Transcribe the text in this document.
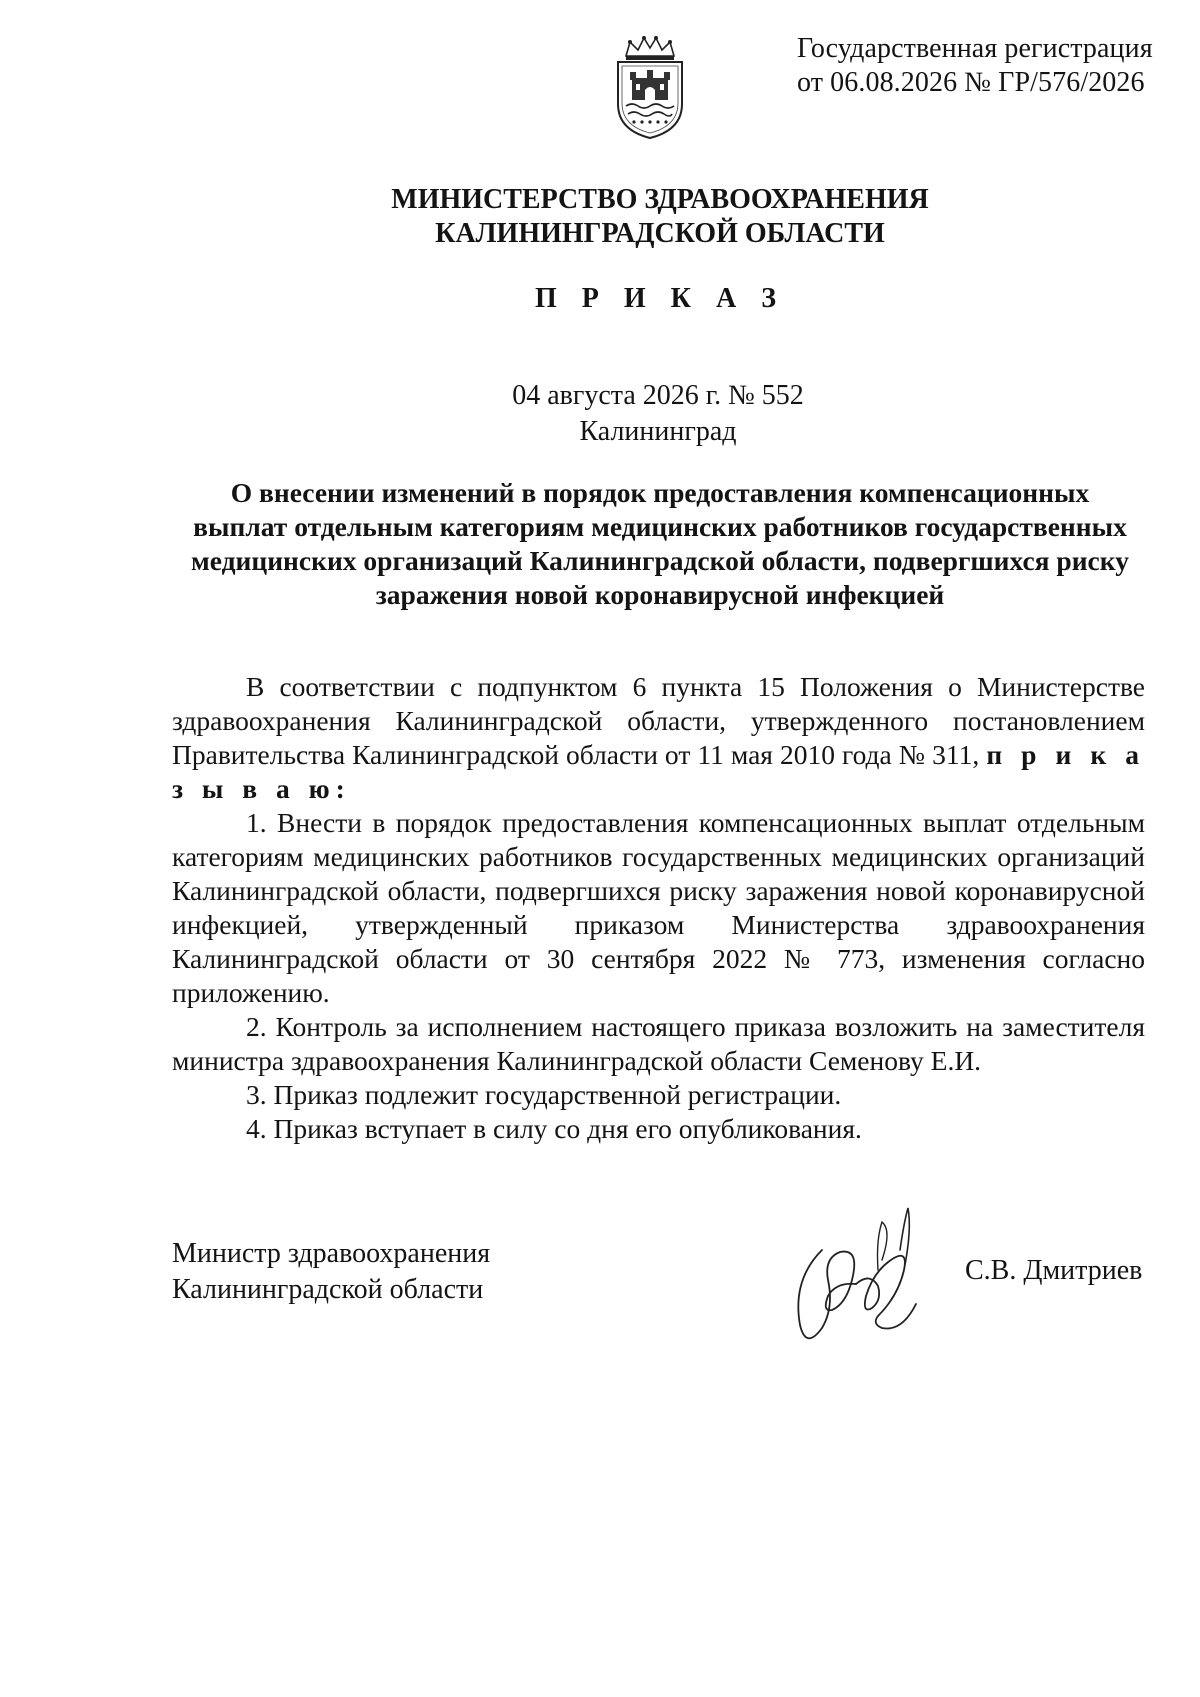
Государственная регистрация
от 06.08.2026 № ГР/576/2026
МИНИСТЕРСТВО ЗДРАВООХРАНЕНИЯ
КАЛИНИНГРАДСКОЙ ОБЛАСТИ
П Р И К А З
04 августа 2026 г. № 552
Калининград
О внесении изменений в порядок предоставления компенсационных
выплат отдельным категориям медицинских работников государственных
медицинских организаций Калининградской области, подвергшихся риску
заражения новой коронавирусной инфекцией

В соответствии с подпунктом 6 пункта 15 Положения о Министерстве здравоохранения Калининградской области, утвержденного постановлением Правительства Калининградской области от 11 мая 2010 года № 311, п р и к а з ы в а ю:

1. Внести в порядок предоставления компенсационных выплат отдельным категориям медицинских работников государственных медицинских организаций Калининградской области, подвергшихся риску заражения новой коронавирусной инфекцией, утвержденный приказом Министерства здравоохранения Калининградской области от 30 сентября 2022 № 773, изменения согласно приложению.

2. Контроль за исполнением настоящего приказа возложить на заместителя министра здравоохранения Калининградской области Семенову Е.И.

3. Приказ подлежит государственной регистрации.

4. Приказ вступает в силу со дня его опубликования.

Министр здравоохранения
Калининградской области
С.В. Дмитриев
